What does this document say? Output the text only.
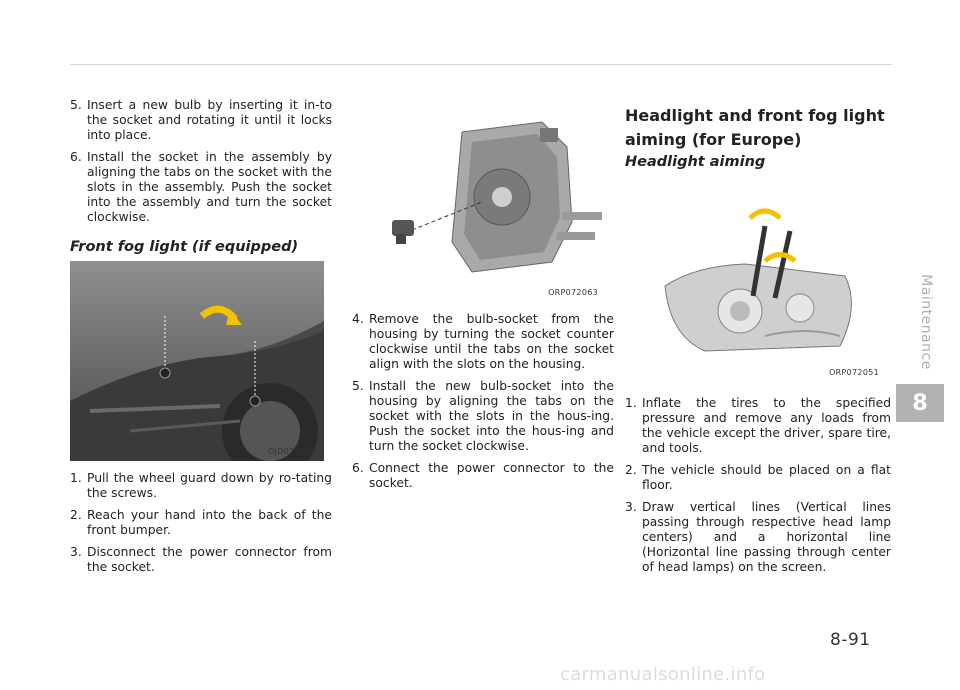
5. Insert a new bulb by inserting it in-to the socket and rotating it until it locks into place.
6. Install the socket in the assembly by aligning the tabs on the socket with the slots in the assembly. Push the socket into the assembly and turn the socket clockwise.
Front fog light (if equipped)
OJD072050
1. Pull the wheel guard down by ro-tating the screws.
2. Reach your hand into the back of the front bumper.
3. Disconnect the power connector from the socket.
ORP072063
4. Remove the bulb-socket from the housing by turning the socket counter clockwise until the tabs on the socket align with the slots on the housing.
5. Install the new bulb-socket into the housing by aligning the tabs on the socket with the slots in the hous-ing. Push the socket into the hous-ing and turn the socket clockwise.
6. Connect the power connector to the socket.
Headlight and front fog light
aiming (for Europe)
Headlight aiming
ORP072051
1. Inflate the tires to the specified pressure and remove any loads from the vehicle except the driver, spare tire, and tools.
2. The vehicle should be placed on a flat floor.
3. Draw vertical lines (Vertical lines passing through respective head lamp centers) and a horizontal line (Horizontal line passing through center of head lamps) on the screen.
Maintenance
8
8-91
carmanualsonline.info
